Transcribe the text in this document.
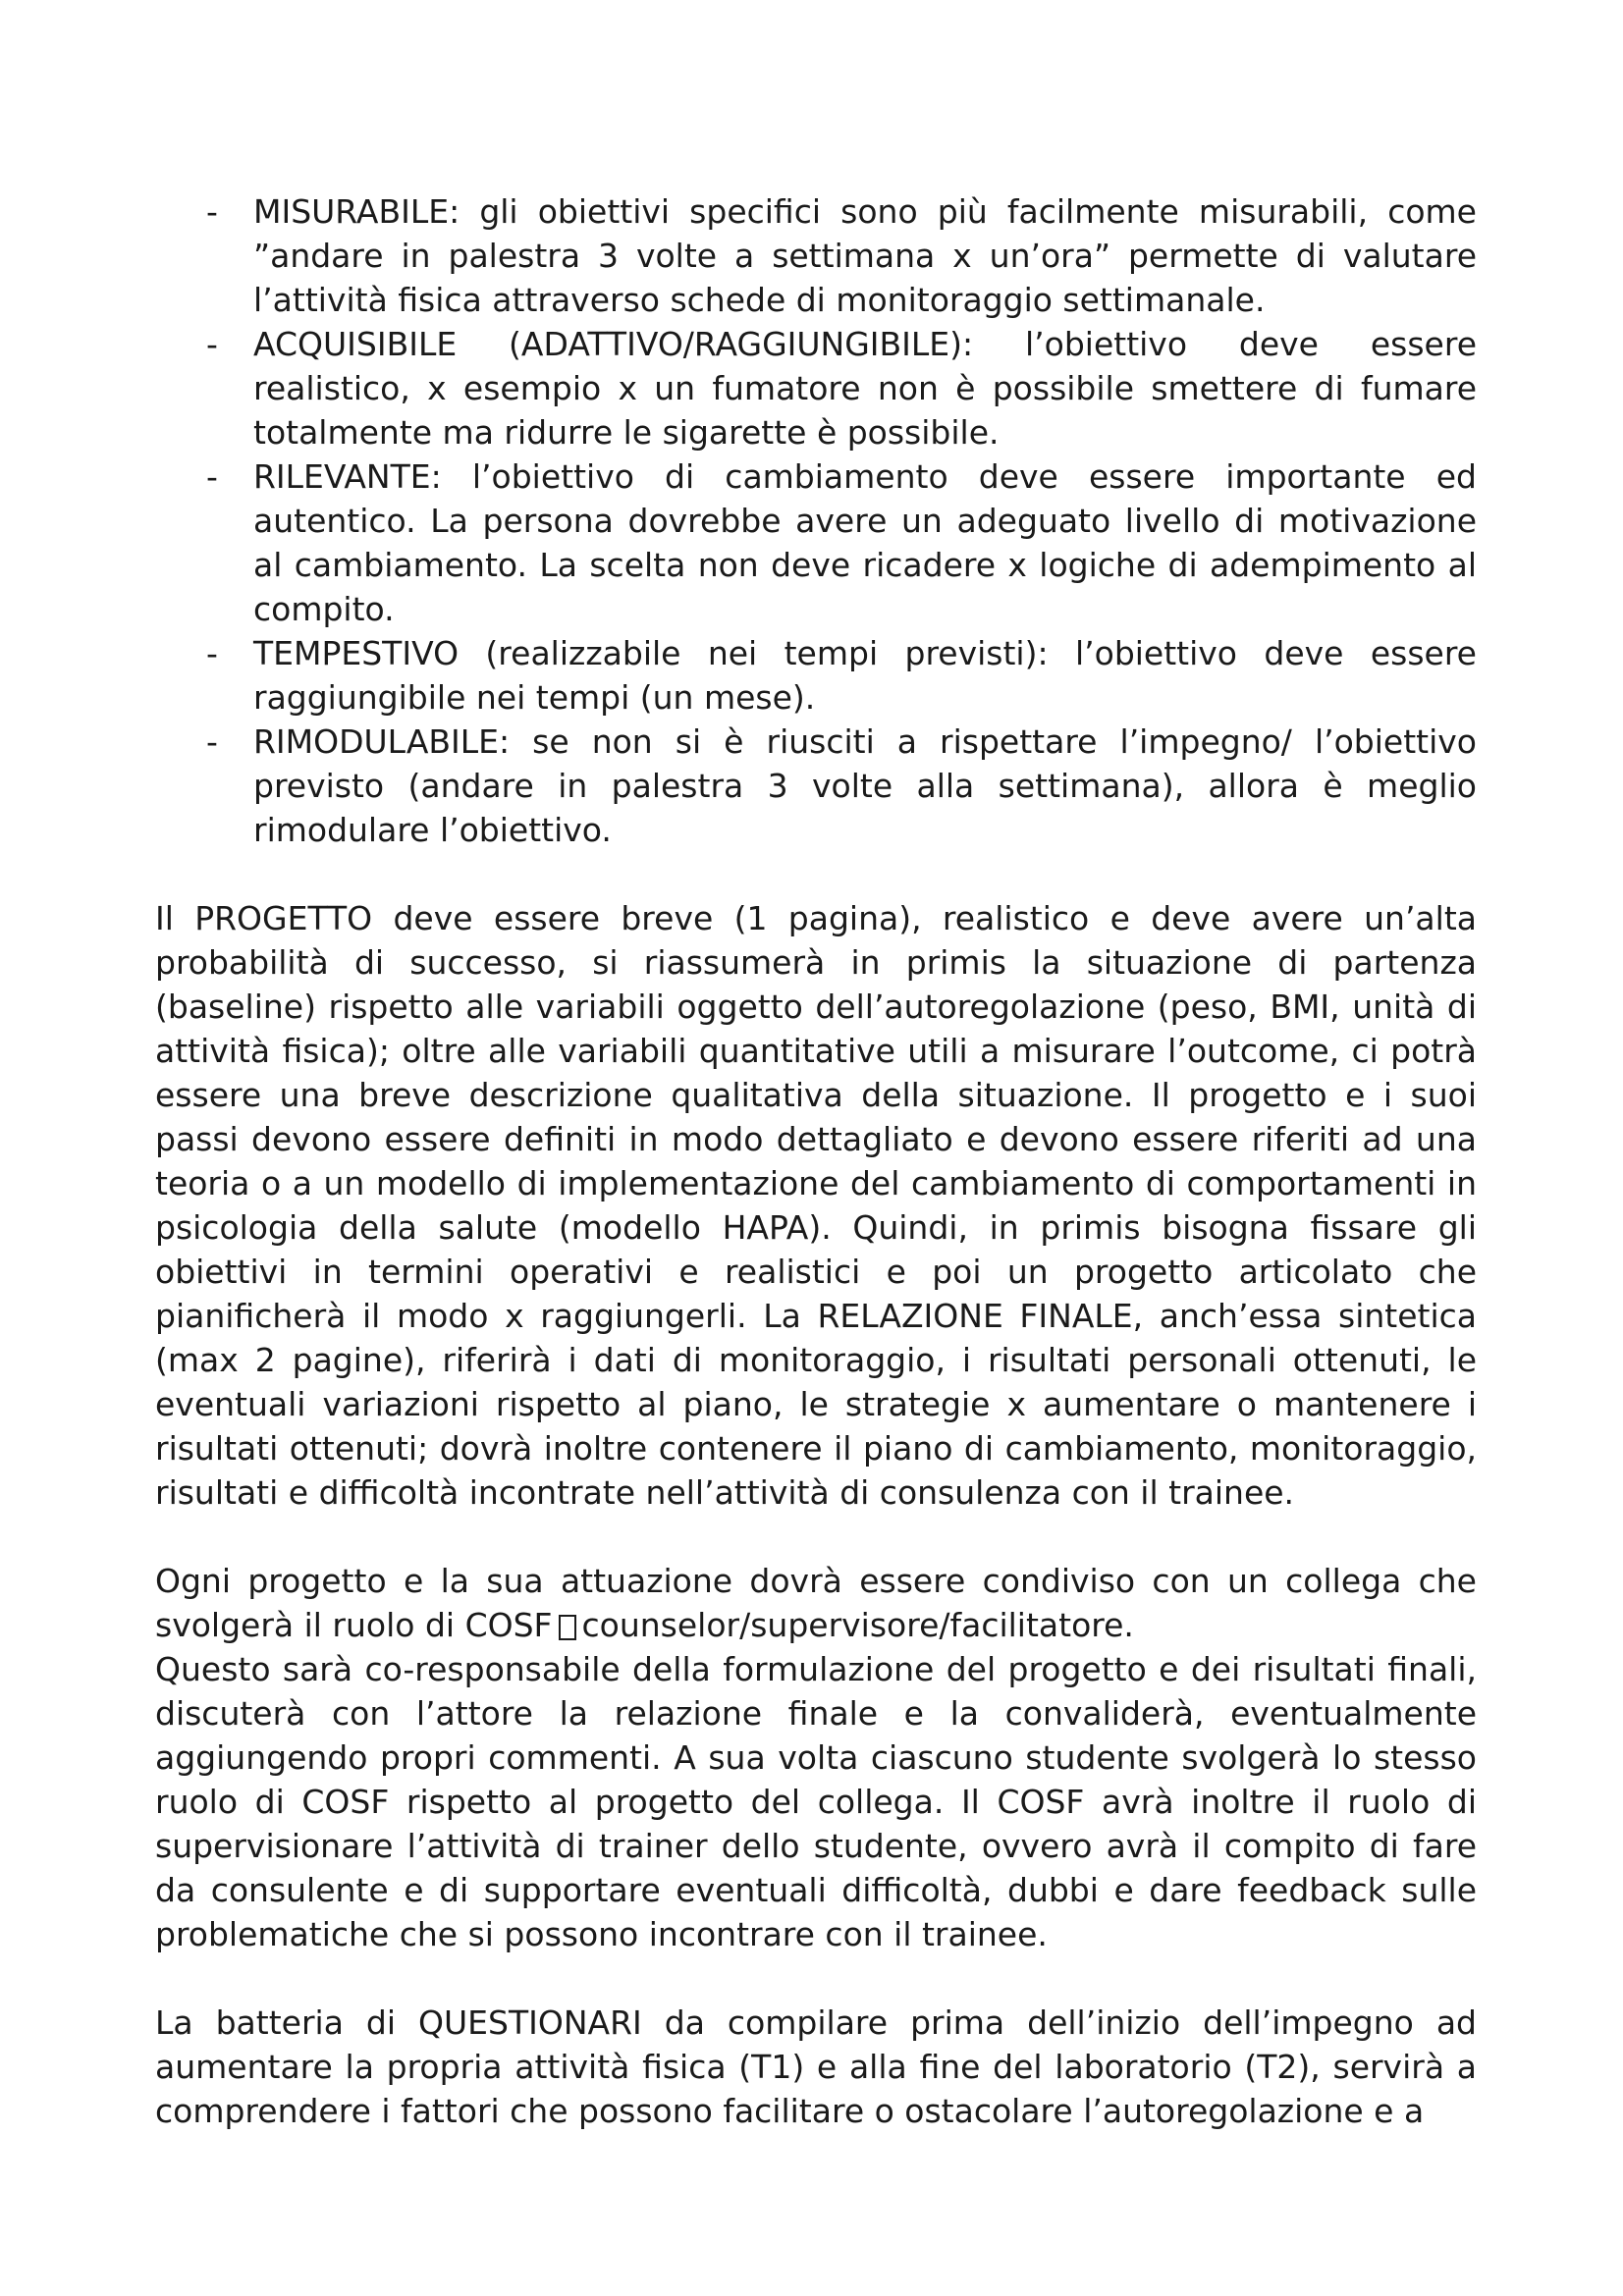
- MISURABILE: gli obiettivi specifici sono più facilmente misurabili, come ”andare in palestra 3 volte a settimana x un’ora” permette di valutare l’attività fisica attraverso schede di monitoraggio settimanale.
- ACQUISIBILE (ADATTIVO/RAGGIUNGIBILE): l’obiettivo deve essere realistico, x esempio x un fumatore non è possibile smettere di fumare totalmente ma ridurre le sigarette è possibile.
- RILEVANTE: l’obiettivo di cambiamento deve essere importante ed autentico. La persona dovrebbe avere un adeguato livello di motivazione al cambiamento. La scelta non deve ricadere x logiche di adempimento al compito.
- TEMPESTIVO (realizzabile nei tempi previsti): l’obiettivo deve essere raggiungibile nei tempi (un mese).
- RIMODULABILE: se non si è riusciti a rispettare l’impegno/ l’obiettivo previsto (andare in palestra 3 volte alla settimana), allora è meglio rimodulare l’obiettivo.

Il PROGETTO deve essere breve (1 pagina), realistico e deve avere un’alta probabilità di successo, si riassumerà in primis la situazione di partenza (baseline) rispetto alle variabili oggetto dell’autoregolazione (peso, BMI, unità di attività fisica); oltre alle variabili quantitative utili a misurare l’outcome, ci potrà essere una breve descrizione qualitativa della situazione. Il progetto e i suoi passi devono essere definiti in modo dettagliato e devono essere riferiti ad una teoria o a un modello di implementazione del cambiamento di comportamenti in psicologia della salute (modello HAPA). Quindi, in primis bisogna fissare gli obiettivi in termini operativi e realistici e poi un progetto articolato che pianificherà il modo x raggiungerli. La RELAZIONE FINALE, anch’essa sintetica (max 2 pagine), riferirà i dati di monitoraggio, i risultati personali ottenuti, le eventuali variazioni rispetto al piano, le strategie x aumentare o mantenere i risultati ottenuti; dovrà inoltre contenere il piano di cambiamento, monitoraggio, risultati e difficoltà incontrate nell’attività di consulenza con il trainee.

Ogni progetto e la sua attuazione dovrà essere condiviso con un collega che svolgerà il ruolo di COSF counselor/supervisore/facilitatore.

Questo sarà co-responsabile della formulazione del progetto e dei risultati finali, discuterà con l’attore la relazione finale e la convaliderà, eventualmente aggiungendo propri commenti. A sua volta ciascuno studente svolgerà lo stesso ruolo di COSF rispetto al progetto del collega. Il COSF avrà inoltre il ruolo di supervisionare l’attività di trainer dello studente, ovvero avrà il compito di fare da consulente e di supportare eventuali difficoltà, dubbi e dare feedback sulle problematiche che si possono incontrare con il trainee.

La batteria di QUESTIONARI da compilare prima dell’inizio dell’impegno ad aumentare la propria attività fisica (T1) e alla fine del laboratorio (T2), servirà a comprendere i fattori che possono facilitare o ostacolare l’autoregolazione e a
